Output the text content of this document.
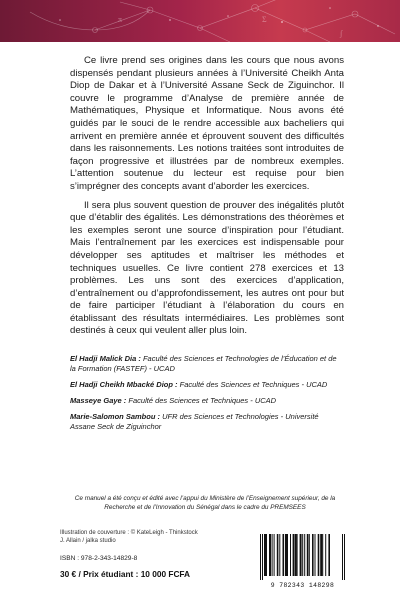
Σ
∫
π

Ce livre prend ses origines dans les cours que nous avons dispensés pendant plusieurs années à l’Université Cheikh Anta Diop de Dakar et à l’Université Assane Seck de Ziguinchor. Il couvre le programme d’Analyse de première année de Mathématiques, Physique et Informatique. Nous avons été guidés par le souci de le rendre accessible aux bacheliers qui arrivent en première année et éprouvent souvent des difficultés dans les raisonnements. Les notions traitées sont introduites de façon progressive et illustrées par de nombreux exemples. L’attention soutenue du lecteur est requise pour bien s’imprégner des concepts avant d’aborder les exercices.

Il sera plus souvent question de prouver des inégalités plutôt que d’établir des égalités. Les démonstrations des théorèmes et les exemples seront une source d’inspiration pour l’étudiant. Mais l’entraînement par les exercices est indispensable pour développer ses aptitudes et maîtriser les méthodes et techniques usuelles. Ce livre contient 278 exercices et 13 problèmes. Les uns sont des exercices d’application, d’entraînement ou d’approfondissement, les autres ont pour but de faire participer l’étudiant à l’élaboration du cours en établissant des résultats intermédiaires. Les problèmes sont destinés à ceux qui veulent aller plus loin.

El Hadji Malick Dia : Faculté des Sciences et Technologies de l’Éducation et de la Formation (FASTEF) - UCAD

El Hadji Cheikh Mbacké Diop : Faculté des Sciences et Techniques - UCAD

Masseye Gaye : Faculté des Sciences et Techniques - UCAD

Marie-Salomon Sambou : UFR des Sciences et Technologies - Université Assane Seck de Ziguinchor

Ce manuel a été conçu et édité avec l’appui du Ministère de l’Enseignement supérieur, de la Recherche et de l’Innovation du Sénégal dans le cadre du PREMSEES
Illustration de couverture : © KateLeigh - Thinkstock
J. Allain / jalka studio
ISBN : 978-2-343-14829-8
30 € / Prix étudiant : 10 000 FCFA
9 782343 148298
